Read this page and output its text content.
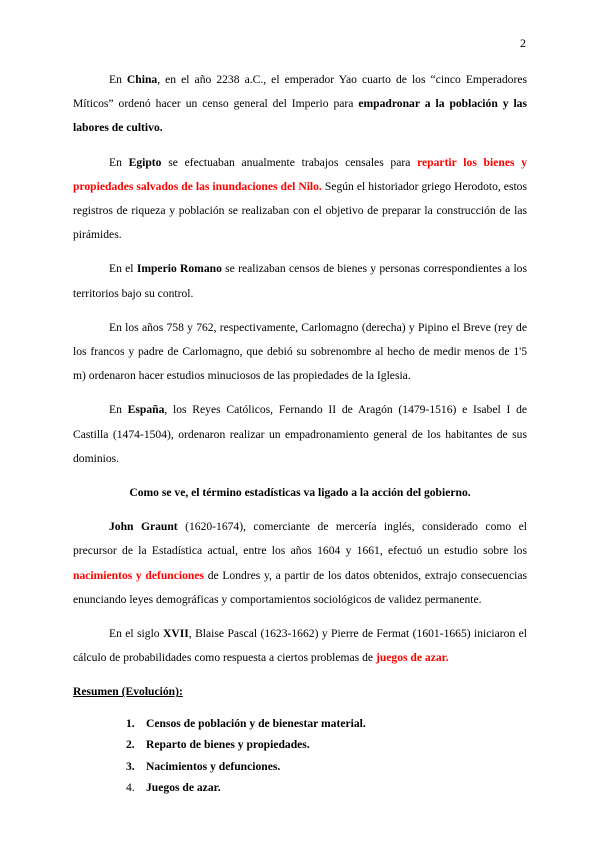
2

En China, en el año 2238 a.C., el emperador Yao cuarto de los “cinco Emperadores Míticos” ordenó hacer un censo general del Imperio para empadronar a la población y las labores de cultivo.

En Egipto se efectuaban anualmente trabajos censales para repartir los bienes y propiedades salvados de las inundaciones del Nilo. Según el historiador griego Herodoto, estos registros de riqueza y población se realizaban con el objetivo de preparar la construcción de las pirámides.

En el Imperio Romano se realizaban censos de bienes y personas correspondientes a los territorios bajo su control.

En los años 758 y 762, respectivamente, Carlomagno (derecha) y Pipino el Breve (rey de los francos y padre de Carlomagno, que debió su sobrenombre al hecho de medir menos de 1'5 m) ordenaron hacer estudios minuciosos de las propiedades de la Iglesia.

En España, los Reyes Católicos, Fernando II de Aragón (1479-1516) e Isabel I de Castilla (1474-1504), ordenaron realizar un empadronamiento general de los habitantes de sus dominios.

Como se ve, el término estadísticas va ligado a la acción del gobierno.

John Graunt (1620-1674), comerciante de mercería inglés, considerado como el precursor de la Estadística actual, entre los años 1604 y 1661, efectuó un estudio sobre los nacimientos y defunciones de Londres y, a partir de los datos obtenidos, extrajo consecuencias enunciando leyes demográficas y comportamientos sociológicos de validez permanente.

En el siglo XVII, Blaise Pascal (1623-1662) y Pierre de Fermat (1601-1665) iniciaron el cálculo de probabilidades como respuesta a ciertos problemas de juegos de azar.

Resumen (Evolución):
1. Censos de población y de bienestar material.
2. Reparto de bienes y propiedades.
3. Nacimientos y defunciones.
4. Juegos de azar.
